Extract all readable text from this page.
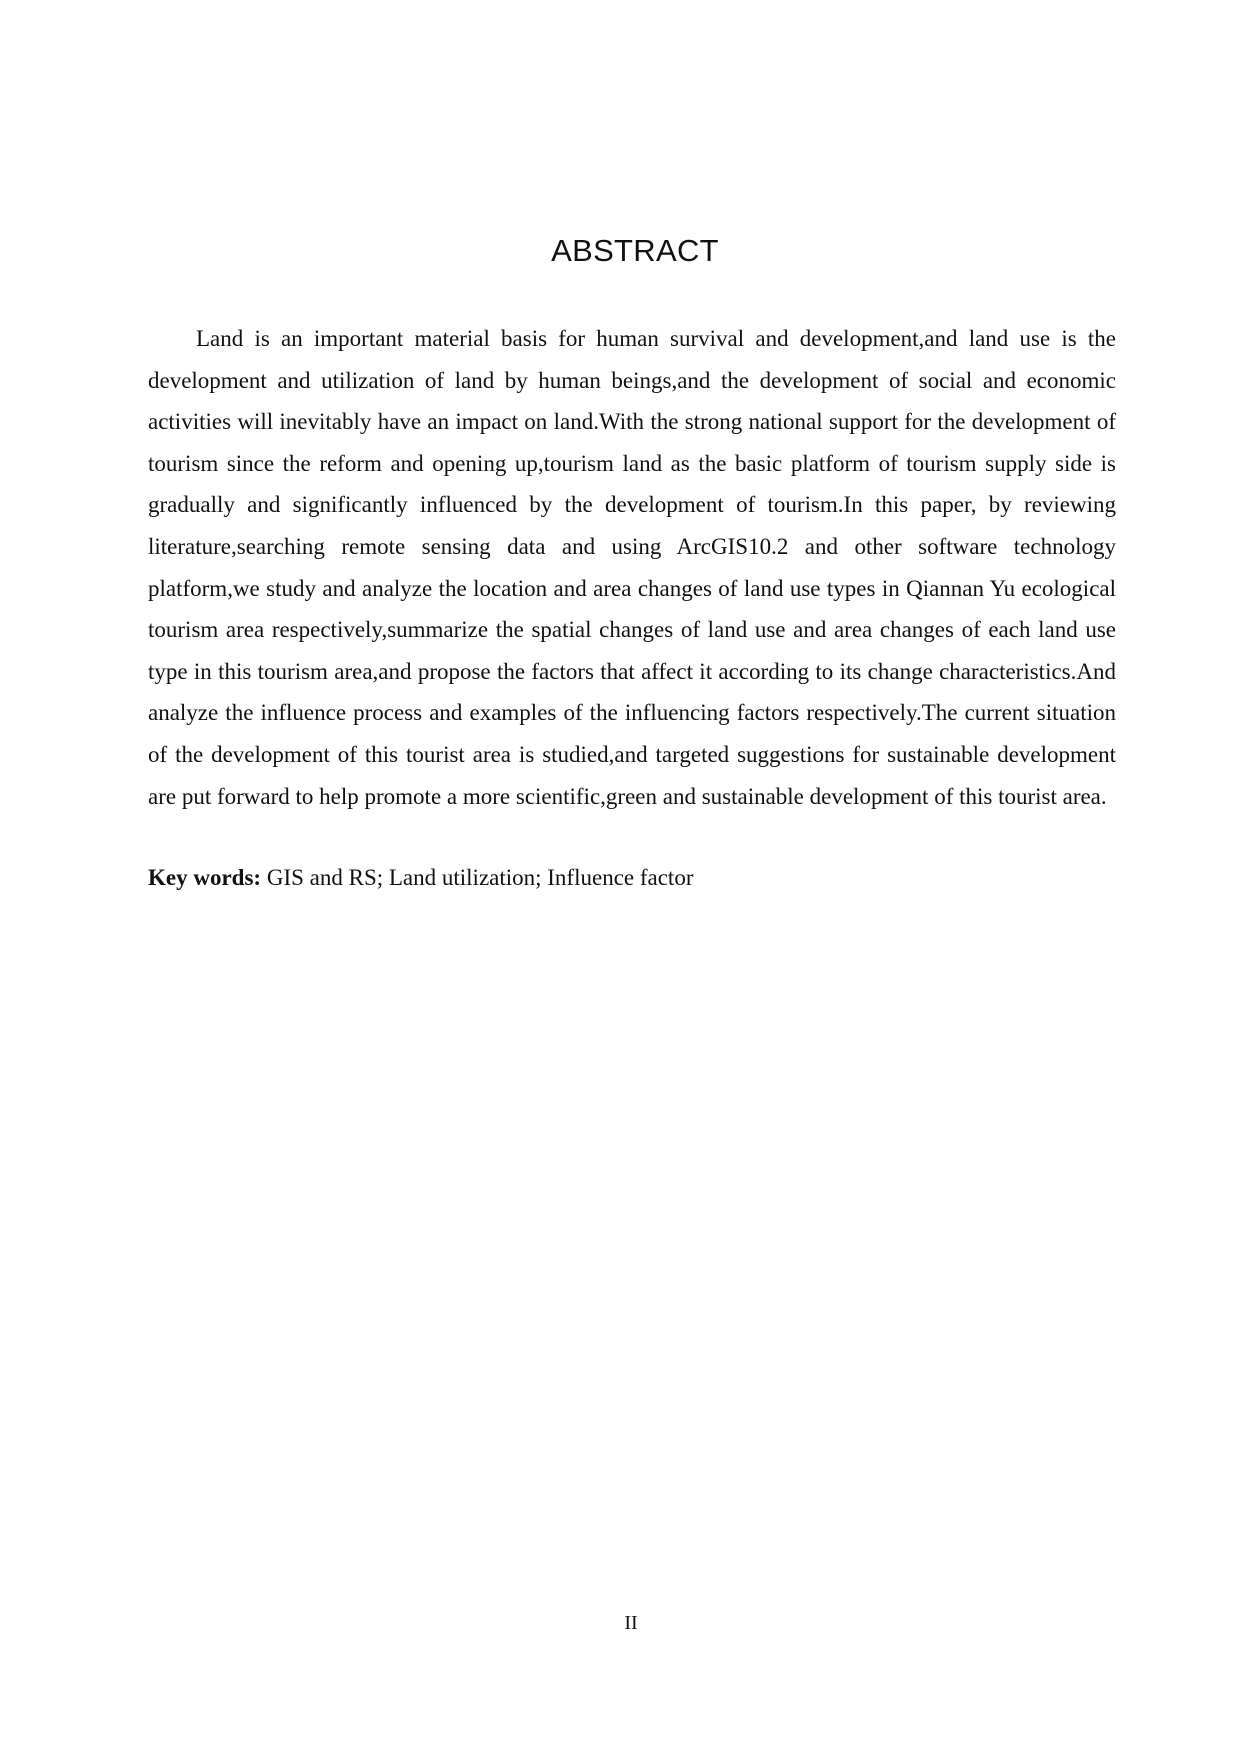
ABSTRACT

Land is an important material basis for human survival and development,and land use is the development and utilization of land by human beings,and the development of social and economic activities will inevitably have an impact on land.With the strong national support for the development of tourism since the reform and opening up,tourism land as the basic platform of tourism supply side is gradually and significantly influenced by the development of tourism.In this paper, by reviewing literature,searching remote sensing data and using ArcGIS10.2 and other software technology platform,we study and analyze the location and area changes of land use types in Qiannan Yu ecological tourism area respectively,summarize the spatial changes of land use and area changes of each land use type in this tourism area,and propose the factors that affect it according to its change characteristics.And analyze the influence process and examples of the influencing factors respectively.The current situation of the development of this tourist area is studied,and targeted suggestions for sustainable development are put forward to help promote a more scientific,green and sustainable development of this tourist area.

Key words: GIS and RS; Land utilization; Influence factor

II
